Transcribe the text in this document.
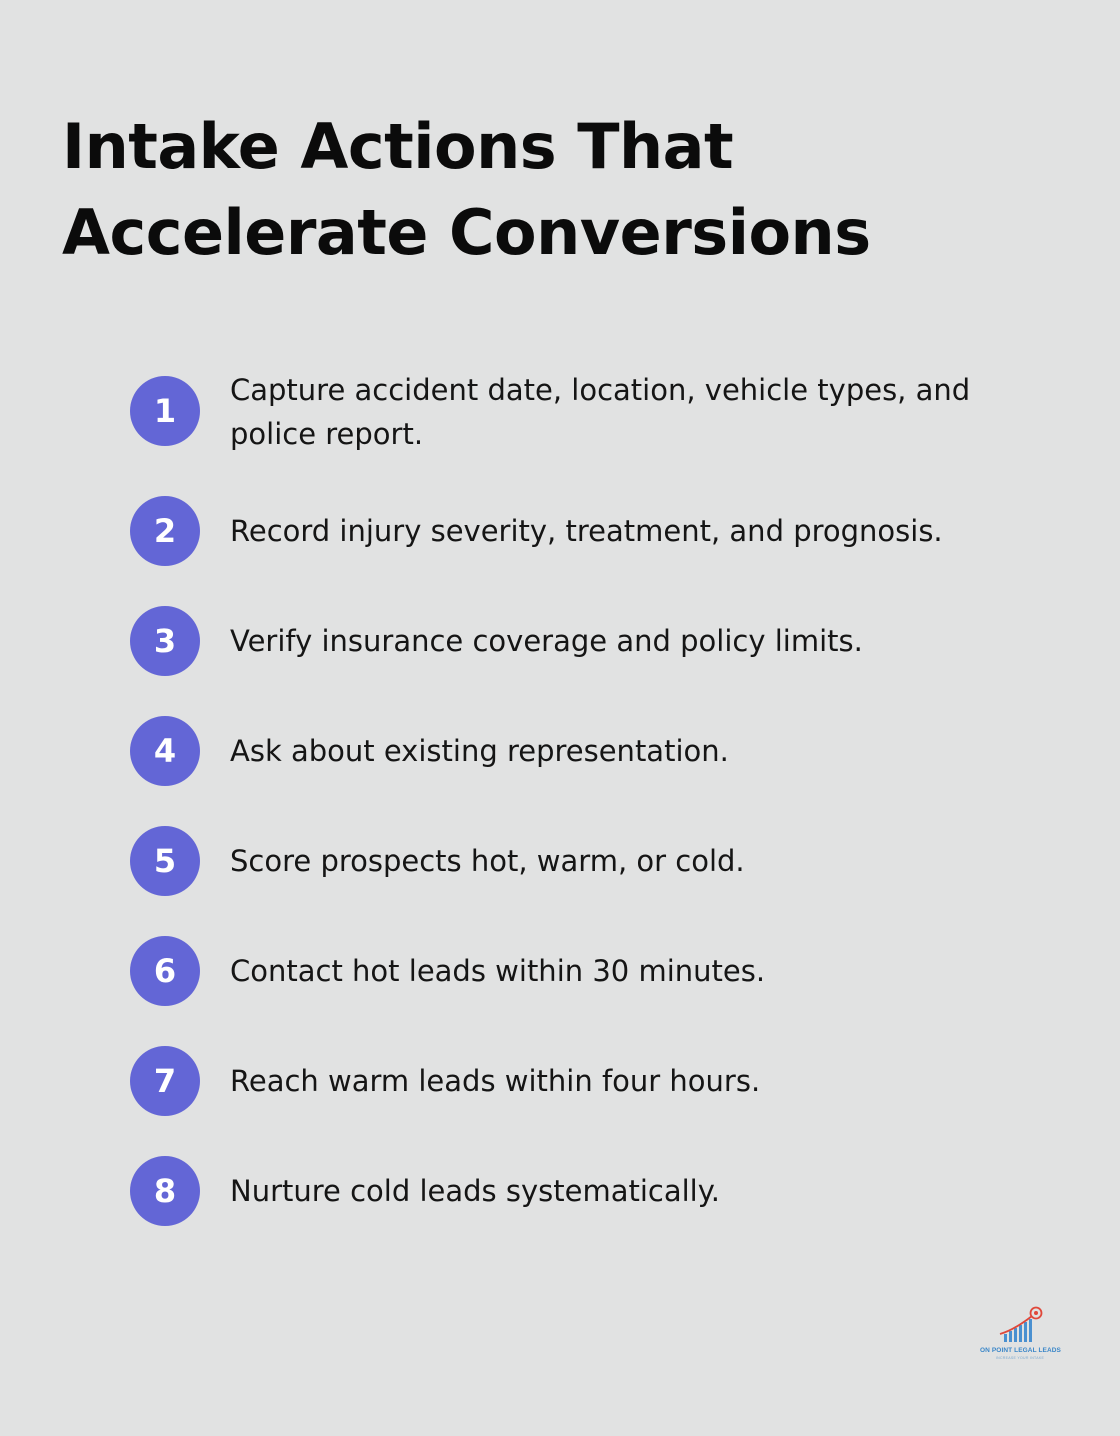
Intake Actions That Accelerate Conversions
1
Capture accident date, location, vehicle types, and police report.
2	Record injury severity, treatment, and prognosis.
3	Verify insurance coverage and policy limits.
4	Ask about existing representation.
5	Score prospects hot, warm, or cold.
6	Contact hot leads within 30 minutes.
7	Reach warm leads within four hours.
8	Nurture cold leads systematically.
ON POINT LEGAL LEADS
INCREASE YOUR INTAKE
